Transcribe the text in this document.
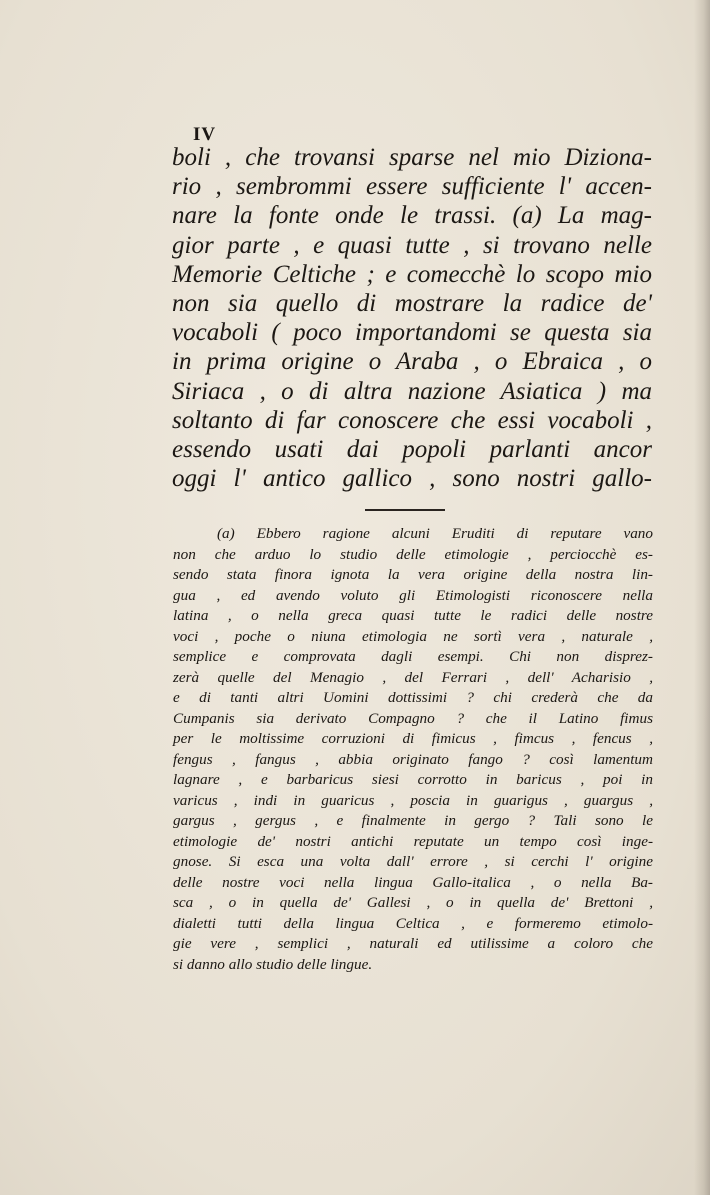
IV
boli , che trovansi sparse nel mio Diziona-
rio , sembrommi essere sufficiente l' accen-
nare la fonte onde le trassi. (a) La mag-
gior parte , e quasi tutte , si trovano nelle
Memorie Celtiche ; e comecchè lo scopo mio
non sia quello di mostrare la radice de'
vocaboli ( poco importandomi se questa sia
in prima origine o Araba , o Ebraica , o
Siriaca , o di altra nazione Asiatica ) ma
soltanto di far conoscere che essi vocaboli ,
essendo usati dai popoli parlanti ancor
oggi l' antico gallico , sono nostri gallo-
(a) Ebbero ragione alcuni Eruditi di reputare vano
non che arduo lo studio delle etimologie , perciocchè es-
sendo stata finora ignota la vera origine della nostra lin-
gua , ed avendo voluto gli Etimologisti riconoscere nella
latina , o nella greca quasi tutte le radici delle nostre
voci , poche o niuna etimologia ne sortì vera , naturale ,
semplice e comprovata dagli esempi. Chi non disprez-
zerà quelle del Menagio , del Ferrari , dell' Acharisio ,
e di tanti altri Uomini dottissimi ? chi crederà che da
Cumpanis sia derivato Compagno ? che il Latino fimus
per le moltissime corruzioni di fimicus , fimcus , fencus ,
fengus , fangus , abbia originato fango ? così lamentum
lagnare , e barbaricus siesi corrotto in baricus , poi in
varicus , indi in guaricus , poscia in guarigus , guargus ,
gargus , gergus , e finalmente in gergo ? Tali sono le
etimologie de' nostri antichi reputate un tempo così inge-
gnose. Si esca una volta dall' errore , si cerchi l' origine
delle nostre voci nella lingua Gallo-italica , o nella Ba-
sca , o in quella de' Gallesi , o in quella de' Brettoni ,
dialetti tutti della lingua Celtica , e formeremo etimolo-
gie vere , semplici , naturali ed utilissime a coloro che
si danno allo studio delle lingue.
